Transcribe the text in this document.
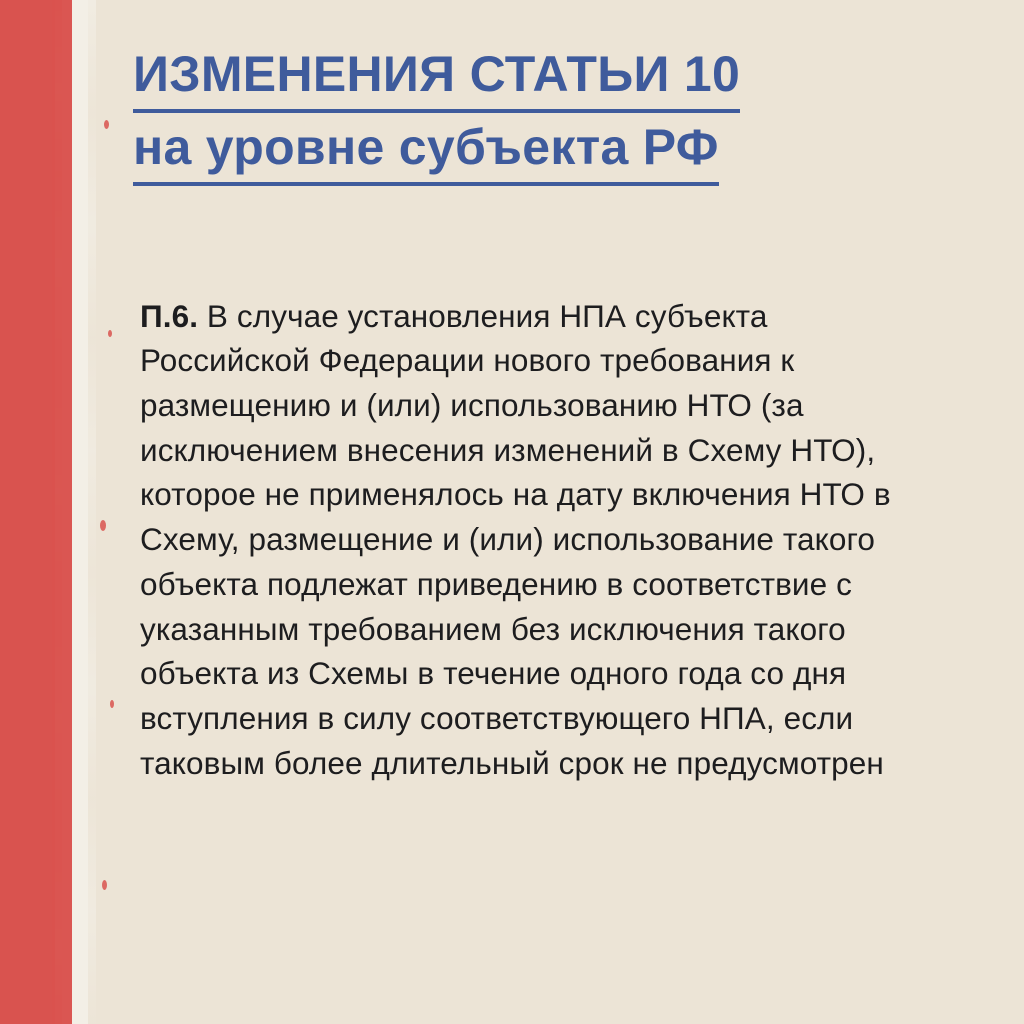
ИЗМЕНЕНИЯ СТАТЬИ 10
на уровне субъекта РФ

П.6. В случае установления НПА субъекта Российской Федерации нового требования к размещению и (или) использованию НТО (за исключением внесения изменений в Схему НТО), которое не применялось на дату включения НТО в Схему, размещение и (или) использование такого объекта подлежат приведению в соответствие с указанным требованием без исключения такого объекта из Схемы в течение одного года со дня вступления в силу соответствующего НПА, если таковым более длительный срок не предусмотрен
